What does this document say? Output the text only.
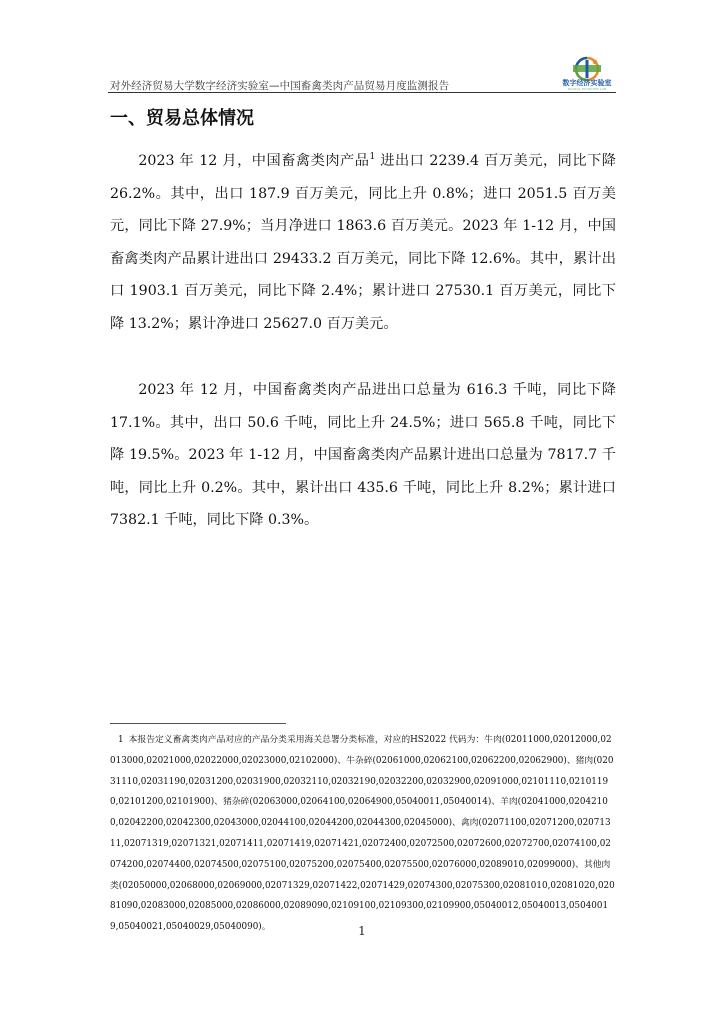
对外经济贸易大学数字经济实验室—中国畜禽类肉产品贸易月度监测报告	数字经济实验室
DIGITAL ECONOMY LAB
一、贸易总体情况

2023 年 12 月，中国畜禽类肉产品$^1$ 进出口 2239.4 百万美元，同比下降 26.2%。其中，出口 187.9 百万美元，同比上升 0.8%；进口 2051.5 百万美元，同比下降 27.9%；当月净进口 1863.6 百万美元。2023 年 1-12 月，中国畜禽类肉产品累计进出口 29433.2 百万美元，同比下降 12.6%。其中，累计出口 1903.1 百万美元，同比下降 2.4%；累计进口 27530.1 百万美元，同比下降 13.2%；累计净进口 25627.0 百万美元。

2023 年 12 月，中国畜禽类肉产品进出口总量为 616.3 千吨，同比下降 17.1%。其中，出口 50.6 千吨，同比上升 24.5%；进口 565.8 千吨，同比下降 19.5%。2023 年 1-12 月，中国畜禽类肉产品累计进出口总量为 7817.7 千吨，同比上升 0.2%。其中，累计出口 435.6 千吨，同比上升 8.2%；累计进口 7382.1 千吨，同比下降 0.3%。

1 本报告定义畜禽类肉产品对应的产品分类采用海关总署分类标准，对应的HS2022 代码为：牛肉(02011000,02012000,02013000,02021000,02022000,02023000,02102000)、牛杂碎(02061000,02062100,02062200,02062900)、猪肉(02031110,02031190,02031200,02031900,02032110,02032190,02032200,02032900,02091000,02101110,02101190,02101200,02101900)、猪杂碎(02063000,02064100,02064900,05040011,05040014)、羊肉(02041000,02042100,02042200,02042300,02043000,02044100,02044200,02044300,02045000)、禽肉(02071100,02071200,02071311,02071319,02071321,02071411,02071419,02071421,02072400,02072500,02072600,02072700,02074100,02074200,02074400,02074500,02075100,02075200,02075400,02075500,02076000,02089010,02099000)、其他肉类(02050000,02068000,02069000,02071329,02071422,02071429,02074300,02075300,02081010,02081020,02081090,02083000,02085000,02086000,02089090,02109100,02109300,02109900,05040012,05040013,05040019,05040021,05040029,05040090)。	1
